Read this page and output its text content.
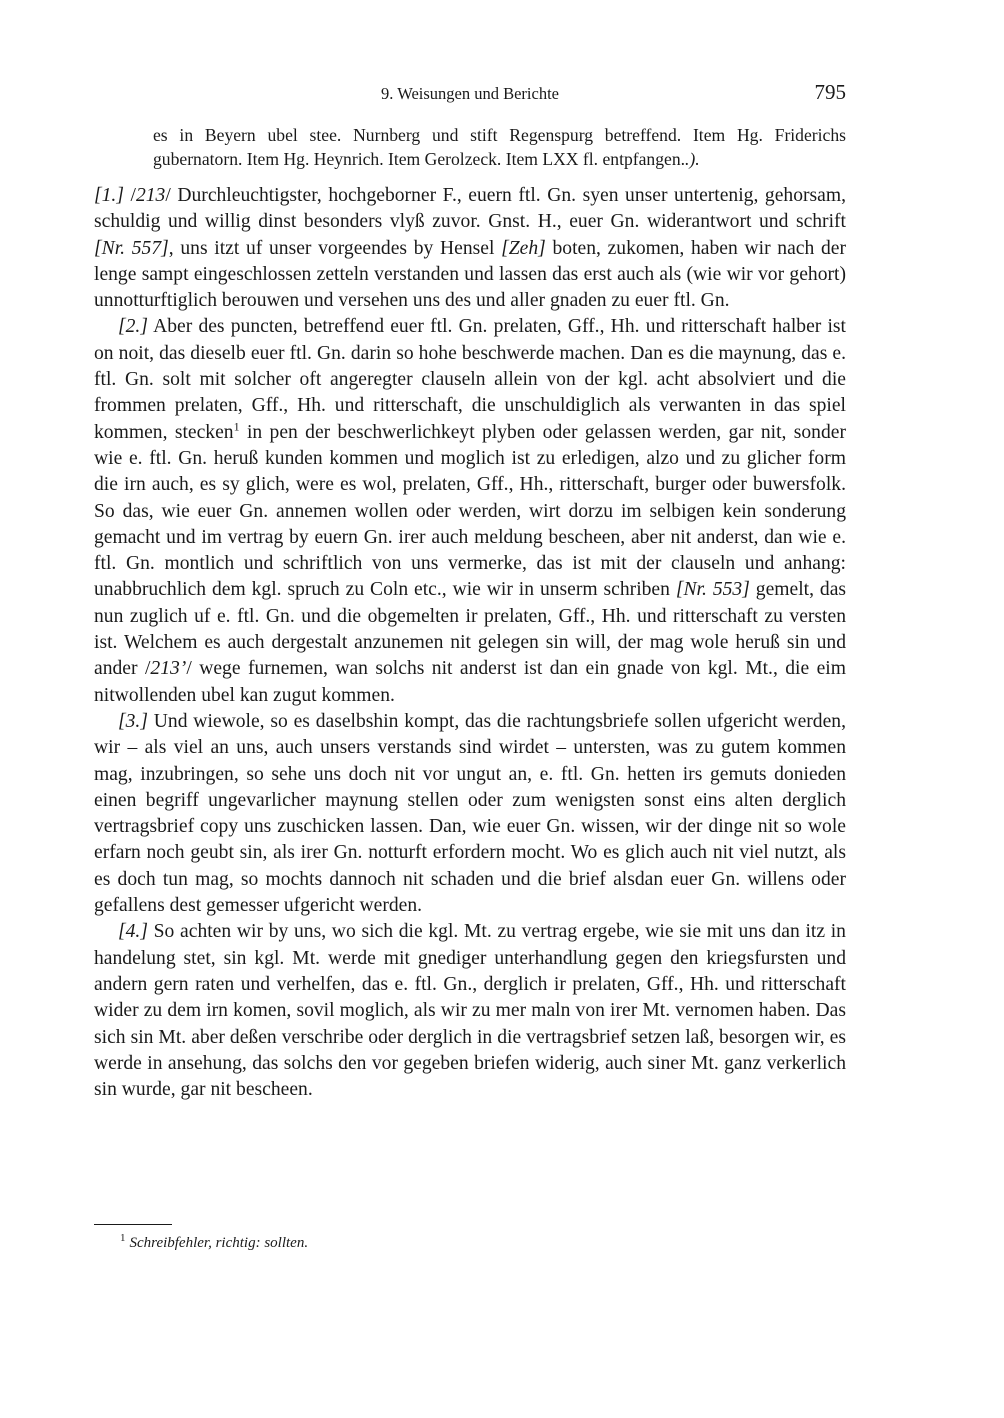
9. Weisungen und Berichte	795
es in Beyern ubel stee. Nurnberg und stift Regenspurg betreffend. Item Hg. Friderichs gubernatorn. Item Hg. Heynrich. Item Gerolzeck. Item LXX fl. entpfangen..).

[1.] /213/ Durchleuchtigster, hochgeborner F., euern ftl. Gn. syen unser untertenig, gehorsam, schuldig und willig dinst besonders vlyß zuvor. Gnst. H., euer Gn. widerantwort und schrift [Nr. 557], uns itzt uf unser vorgeendes by Hensel [Zeh] boten, zukomen, haben wir nach der lenge sampt eingeschlossen zetteln verstanden und lassen das erst auch als (wie wir vor gehort) unnotturftiglich berouwen und versehen uns des und aller gnaden zu euer ftl. Gn.

[2.] Aber des puncten, betreffend euer ftl. Gn. prelaten, Gff., Hh. und ritterschaft halber ist on noit, das dieselb euer ftl. Gn. darin so hohe beschwerde machen. Dan es die maynung, das e. ftl. Gn. solt mit solcher oft angeregter clauseln allein von der kgl. acht absolviert und die frommen prelaten, Gff., Hh. und ritterschaft, die unschuldiglich als verwanten in das spiel kommen, stecken$^1$ in pen der beschwerlichkeyt plyben oder gelassen werden, gar nit, sonder wie e. ftl. Gn. heruß kunden kommen und moglich ist zu erledigen, alzo und zu glicher form die irn auch, es sy glich, were es wol, prelaten, Gff., Hh., ritterschaft, burger oder buwersfolk. So das, wie euer Gn. annemen wollen oder werden, wirt dorzu im selbigen kein sonderung gemacht und im vertrag by euern Gn. irer auch meldung bescheen, aber nit anderst, dan wie e. ftl. Gn. montlich und schriftlich von uns vermerke, das ist mit der clauseln und anhang: unabbruchlich dem kgl. spruch zu Coln etc., wie wir in unserm schriben [Nr. 553] gemelt, das nun zuglich uf e. ftl. Gn. und die obgemelten ir prelaten, Gff., Hh. und ritterschaft zu versten ist. Welchem es auch dergestalt anzunemen nit gelegen sin will, der mag wole heruß sin und ander /213’/ wege furnemen, wan solchs nit anderst ist dan ein gnade von kgl. Mt., die eim nitwollenden ubel kan zugut kommen.

[3.] Und wiewole, so es daselbshin kompt, das die rachtungsbriefe sollen ufgericht werden, wir – als viel an uns, auch unsers verstands sind wirdet – untersten, was zu gutem kommen mag, inzubringen, so sehe uns doch nit vor ungut an, e. ftl. Gn. hetten irs gemuts donieden einen begriff ungevarlicher maynung stellen oder zum wenigsten sonst eins alten derglich vertragsbrief copy uns zuschicken lassen. Dan, wie euer Gn. wissen, wir der dinge nit so wole erfarn noch geubt sin, als irer Gn. notturft erfordern mocht. Wo es glich auch nit viel nutzt, als es doch tun mag, so mochts dannoch nit schaden und die brief alsdan euer Gn. willens oder gefallens dest gemesser ufgericht werden.

[4.] So achten wir by uns, wo sich die kgl. Mt. zu vertrag ergebe, wie sie mit uns dan itz in handelung stet, sin kgl. Mt. werde mit gnediger unterhandlung gegen den kriegsfursten und andern gern raten und verhelfen, das e. ftl. Gn., derglich ir prelaten, Gff., Hh. und ritterschaft wider zu dem irn komen, sovil moglich, als wir zu mer maln von irer Mt. vernomen haben. Das sich sin Mt. aber deßen verschribe oder derglich in die vertragsbrief setzen laß, besorgen wir, es werde in ansehung, das solchs den vor gegeben briefen widerig, auch siner Mt. ganz verkerlich sin wurde, gar nit bescheen.

$^1$ Schreibfehler, richtig: sollten.
